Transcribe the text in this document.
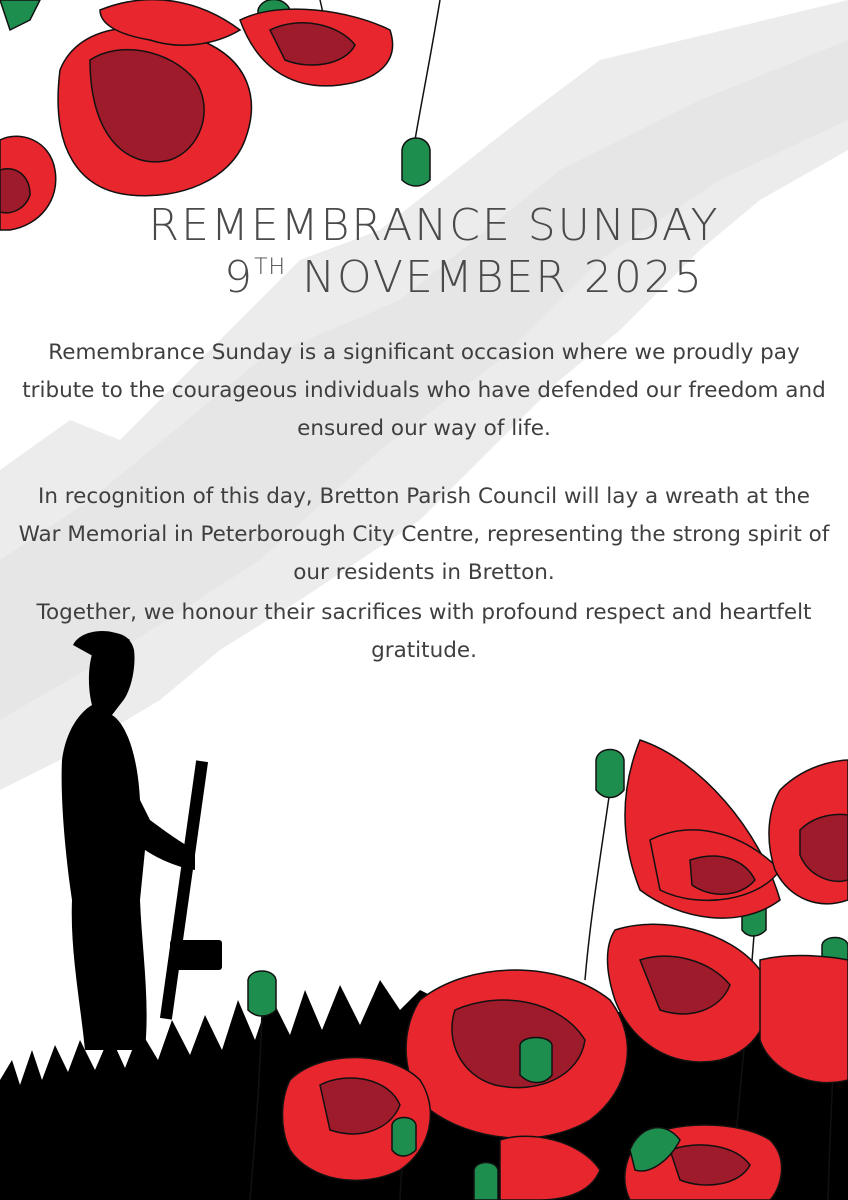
REMEMBRANCE SUNDAY
9TH NOVEMBER 2025

Remembrance Sunday is a significant occasion where we proudly pay tribute to the courageous individuals who have defended our freedom and ensured our way of life.

In recognition of this day, Bretton Parish Council will lay a wreath at the War Memorial in Peterborough City Centre, representing the strong spirit of our residents in Bretton.

Together, we honour their sacrifices with profound respect and heartfelt gratitude.
